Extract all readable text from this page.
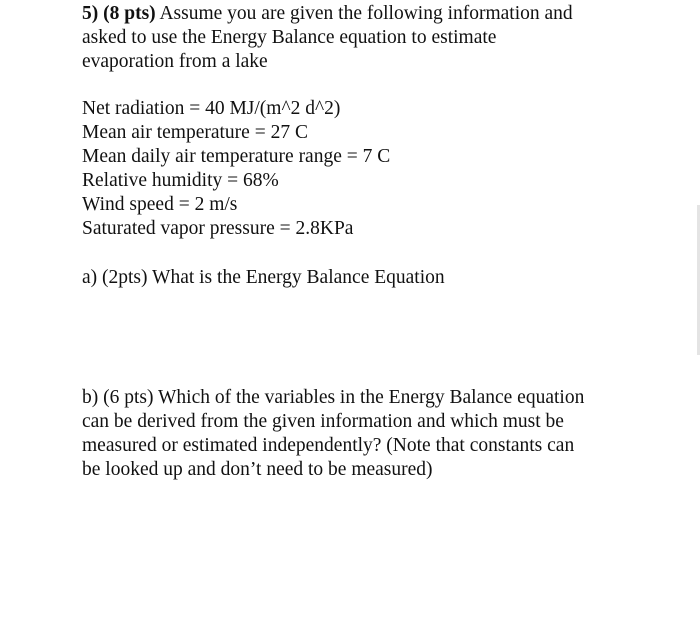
5) (8 pts) Assume you are given the following information and
asked to use the Energy Balance equation to estimate
evaporation from a lake
Net radiation = 40 MJ/(m^2 d^2)
Mean air temperature = 27 C
Mean daily air temperature range = 7 C
Relative humidity = 68%
Wind speed = 2 m/s
Saturated vapor pressure = 2.8KPa
a) (2pts) What is the Energy Balance Equation
b) (6 pts) Which of the variables in the Energy Balance equation
can be derived from the given information and which must be
measured or estimated independently? (Note that constants can
be looked up and don’t need to be measured)
